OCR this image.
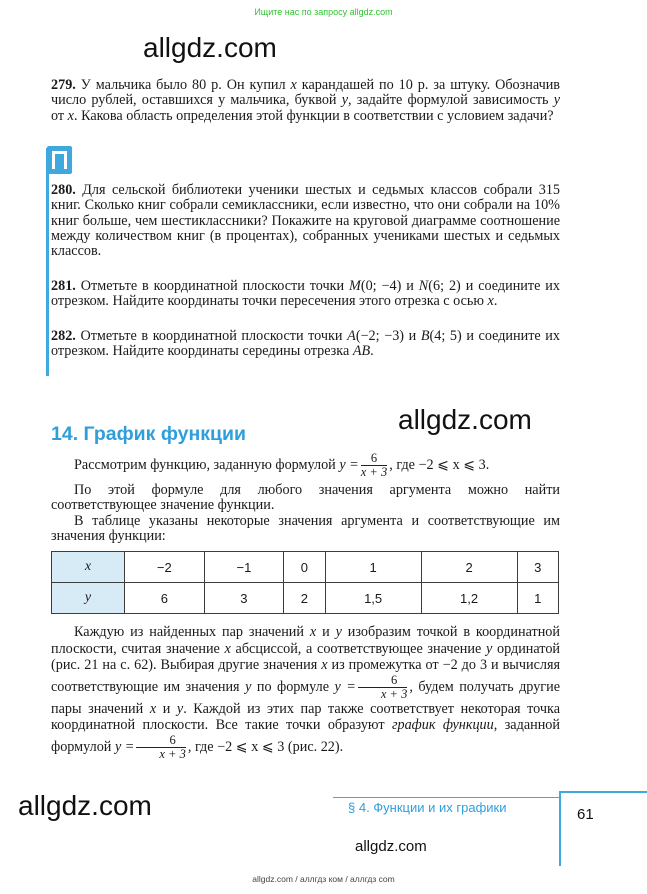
Ищите нас по запросу allgdz.com
allgdz.com
279. У мальчика было 80 р. Он купил x карандашей по 10 р. за штуку. Обозначив число рублей, оставшихся у мальчика, буквой y, задайте формулой зависимость y от x. Какова область определения этой функции в соответствии с условием задачи?
280. Для сельской библиотеки ученики шестых и седьмых классов собрали 315 книг. Сколько книг собрали семиклассники, если известно, что они собрали на 10% книг больше, чем шестиклассники? Покажите на круговой диаграмме соотношение между количеством книг (в процентах), собранных учениками шестых и седьмых классов.
281. Отметьте в координатной плоскости точки M(0; −4) и N(6; 2) и соедините их отрезком. Найдите координаты точки пересечения этого отрезка с осью x.
282. Отметьте в координатной плоскости точки A(−2; −3) и B(4; 5) и соедините их отрезком. Найдите координаты середины отрезка AB.
allgdz.com
14. График функции
Рассмотрим функцию, заданную формулой $y = \frac{6}{x + 3}$ , где −2 ⩽ x ⩽ 3.
По этой формуле для любого значения аргумента можно найти соответствующее значение функции.
В таблице указаны некоторые значения аргумента и соответствующие им значения функции:
x	−2	−1	0	1	2	3
y	6	3	2	1,5	1,2	1
Каждую из найденных пар значений x и y изобразим точкой в координатной плоскости, считая значение x абсциссой, а соответствующее значение y ординатой (рис. 21 на с. 62). Выбирая другие значения x из промежутка от −2 до 3 и вычисляя соответствующие им значения y по формуле $y = \frac{6}{x + 3}$ , будем получать другие пары значений x и y. Каждой из этих пар также соответствует некоторая точка координатной плоскости. Все такие точки образуют график функции, заданной формулой $y = \frac{6}{x + 3}$ , где −2 ⩽ x ⩽ 3 (рис. 22).
allgdz.com	§ 4. Функции и их графики	61
allgdz.com
allgdz.com / аллгдз ком / аллгдз com
